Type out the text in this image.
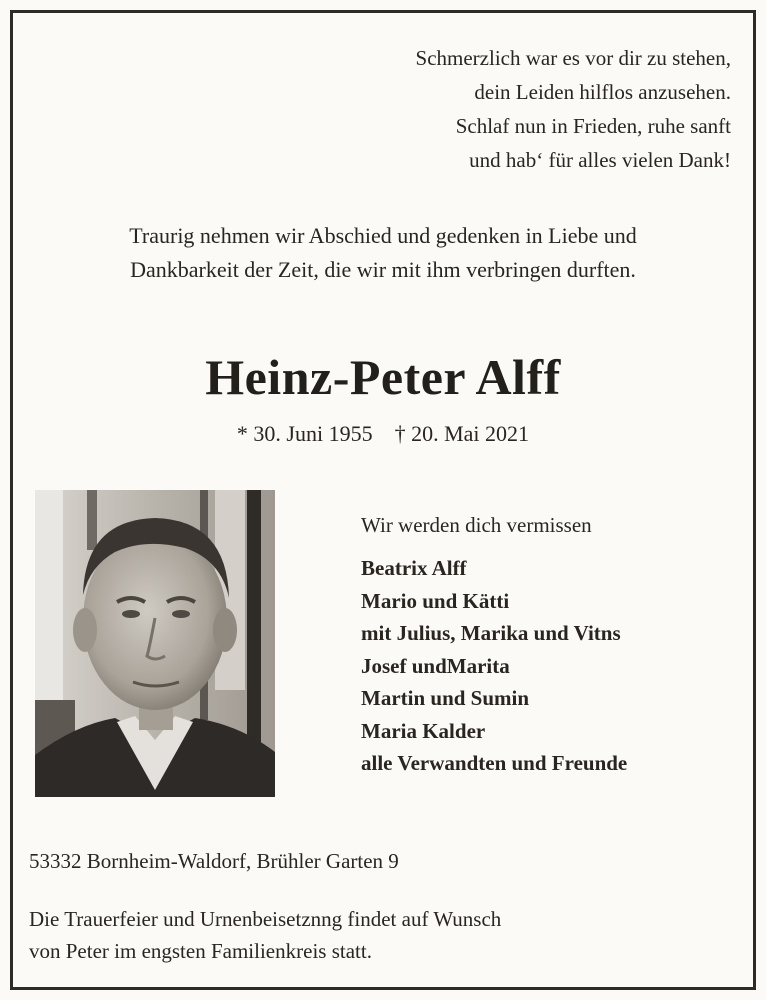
Schmerzlich war es vor dir zu stehen,
dein Leiden hilflos anzusehen.
Schlaf nun in Frieden, ruhe sanft
und hab‘ für alles vielen Dank!
Traurig nehmen wir Abschied und gedenken in Liebe und
Dankbarkeit der Zeit, die wir mit ihm verbringen durften.
Heinz-Peter Alff
* 30. Juni 1955 † 20. Mai 2021
Wir werden dich vermissen
Beatrix Alff
Mario und Kätti
mit Julius, Marika und Vitns
Josef undMarita
Martin und Sumin
Maria Kalder
alle Verwandten und Freunde
53332 Bornheim-Waldorf, Brühler Garten 9
Die Trauerfeier und Urnenbeisetznng findet auf Wunsch
von Peter im engsten Familienkreis statt.
